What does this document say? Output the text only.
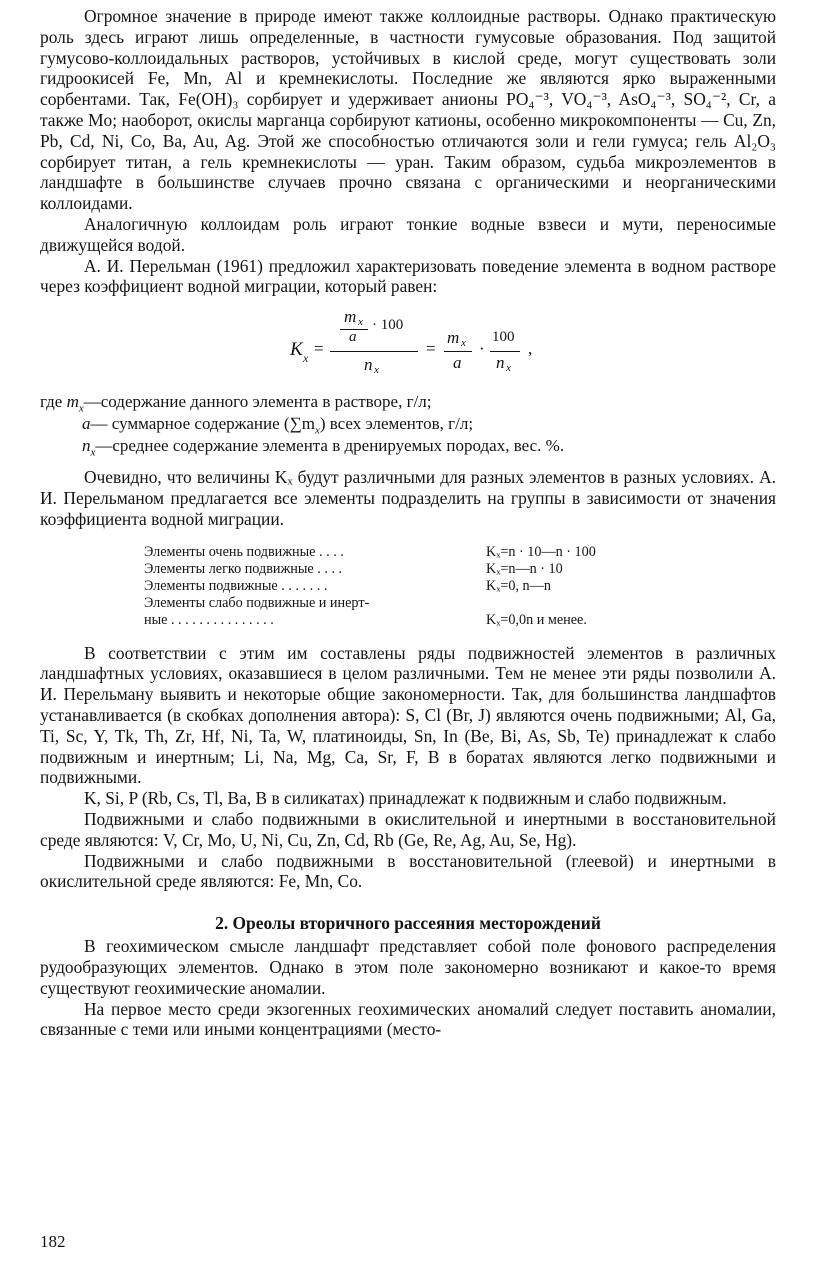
Огромное значение в природе имеют также коллоидные растворы. Однако практическую роль здесь играют лишь определенные, в частности гумусовые образования. Под защитой гумусово-коллоидальных растворов, устойчивых в кислой среде, могут существовать золи гидроокисей Fe, Mn, Al и кремнекислоты. Последние же являются ярко выраженными сорбентами. Так, Fe(OH)₃ сорбирует и удерживает анионы PO₄⁻³, VO₄⁻³, AsO₄⁻³, SO₄⁻², Cr, а также Mo; наоборот, окислы марганца сорбируют катионы, особенно микрокомпоненты — Cu, Zn, Pb, Cd, Ni, Co, Ba, Au, Ag. Этой же способностью отличаются золи и гели гумуса; гель Al₂O₃ сорбирует титан, а гель кремнекислоты — уран. Таким образом, судьба микроэлементов в ландшафте в большинстве случаев прочно связана с органическими и неорганическими коллоидами.

Аналогичную коллоидам роль играют тонкие водные взвеси и мути, переносимые движущейся водой.

А. И. Перельман (1961) предложил характеризовать поведение элемента в водном растворе через коэффициент водной миграции, который равен:

K x =
m x
a
· 100
n x
=
m x
a
·
100
n x
,
где $m_x—содержание$ данного элемента в растворе, г/л;
a— суммарное содержание $(\sum m_x)$ всех элементов, г/л;
$n_x—среднее$ содержание элемента в дренируемых породах, вес. %.

Очевидно, что величины Kₓ будут различными для разных элементов в разных условиях. А. И. Перельманом предлагается все элементы подразделить на группы в зависимости от значения коэффициента водной миграции.

Элементы очень подвижные . . . .	Kₓ=n · 10—n · 100
Элементы легко подвижные . . . .	Kₓ=n—n · 10
Элементы подвижные . . . . . . .	Kₓ=0, n—n
Элементы слабо подвижные и инерт-
ные . . . . . . . . . . . . . . .	Kₓ=0,0n и менее.

В соответствии с этим им составлены ряды подвижностей элементов в различных ландшафтных условиях, оказавшиеся в целом различными. Тем не менее эти ряды позволили А. И. Перельману выявить и некоторые общие закономерности. Так, для большинства ландшафтов устанавливается (в скобках дополнения автора): S, Cl (Br, J) являются очень подвижными; Al, Ga, Ti, Sc, Y, Tk, Th, Zr, Hf, Ni, Ta, W, платиноиды, Sn, In (Be, Bi, As, Sb, Te) принадлежат к слабо подвижным и инертным; Li, Na, Mg, Ca, Sr, F, B в боратах являются легко подвижными и подвижными.

K, Si, P (Rb, Cs, Tl, Ba, B в силикатах) принадлежат к подвижным и слабо подвижным.

Подвижными и слабо подвижными в окислительной и инертными в восстановительной среде являются: V, Cr, Mo, U, Ni, Cu, Zn, Cd, Rb (Ge, Re, Ag, Au, Se, Hg).

Подвижными и слабо подвижными в восстановительной (глеевой) и инертными в окислительной среде являются: Fe, Mn, Co.

2. Ореолы вторичного рассеяния месторождений

В геохимическом смысле ландшафт представляет собой поле фонового распределения рудообразующих элементов. Однако в этом поле закономерно возникают и какое-то время существуют геохимические аномалии.

На первое место среди экзогенных геохимических аномалий следует поставить аномалии, связанные с теми или иными концентрациями (место-

182
